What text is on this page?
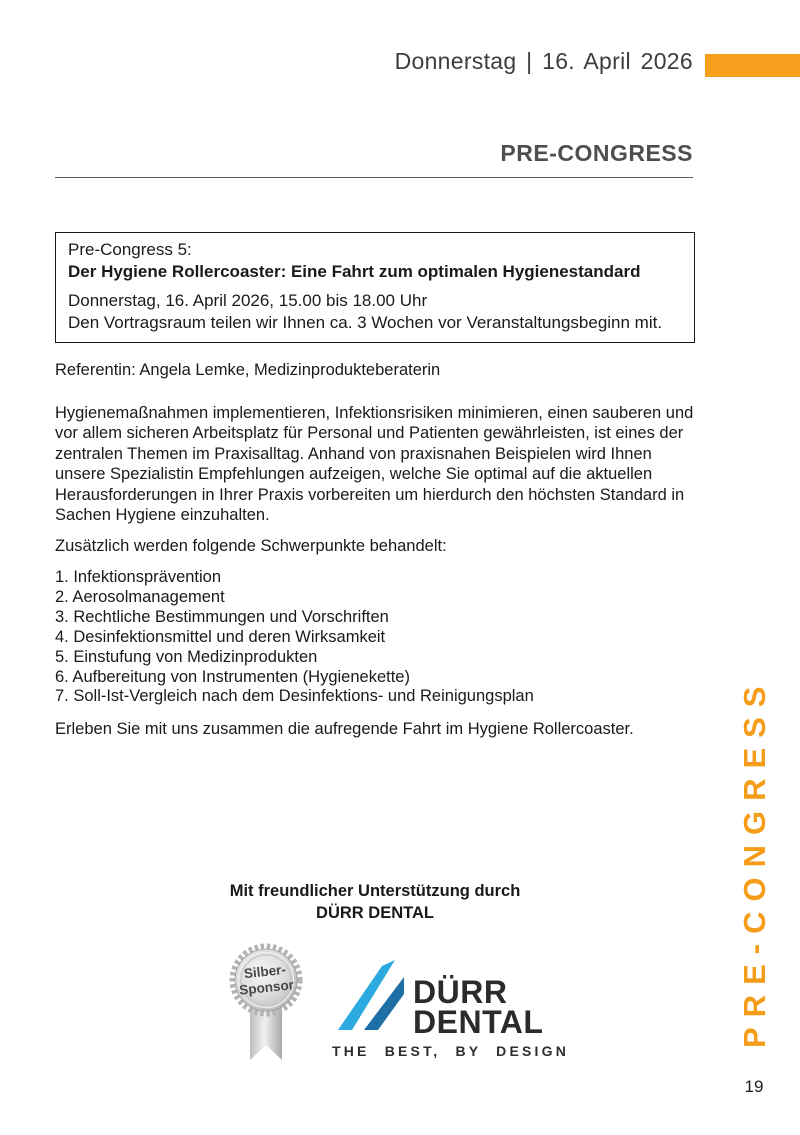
Donnerstag | 16. April 2026
PRE-CONGRESS
Pre-Congress 5:
Der Hygiene Rollercoaster: Eine Fahrt zum optimalen Hygienestandard
Donnerstag, 16. April 2026, 15.00 bis 18.00 Uhr
Den Vortragsraum teilen wir Ihnen ca. 3 Wochen vor Veranstaltungsbeginn mit.
Referentin: Angela Lemke, Medizinprodukteberaterin
Hygienemaßnahmen implementieren, Infektionsrisiken minimieren, einen sauberen und vor allem sicheren Arbeitsplatz für Personal und Patienten gewährleisten, ist eines der zentralen Themen im Praxisalltag. Anhand von praxisnahen Beispielen wird Ihnen unsere Spezialistin Empfehlungen aufzeigen, welche Sie optimal auf die aktuellen Herausforderungen in Ihrer Praxis vorbereiten um hierdurch den höchsten Standard in Sachen Hygiene einzuhalten.
Zusätzlich werden folgende Schwerpunkte behandelt:
1. Infektionsprävention
2. Aerosolmanagement
3. Rechtliche Bestimmungen und Vorschriften
4. Desinfektionsmittel und deren Wirksamkeit
5. Einstufung von Medizinprodukten
6. Aufbereitung von Instrumenten (Hygienekette)
7. Soll-Ist-Vergleich nach dem Desinfektions- und Reinigungsplan
Erleben Sie mit uns zusammen die aufregende Fahrt im Hygiene Rollercoaster.
Mit freundlicher Unterstützung durch
DÜRR DENTAL
Silber-
Sponsor	DÜRR
DENTAL
THE BEST, BY DESIGN
PRE-CONGRESS
19
